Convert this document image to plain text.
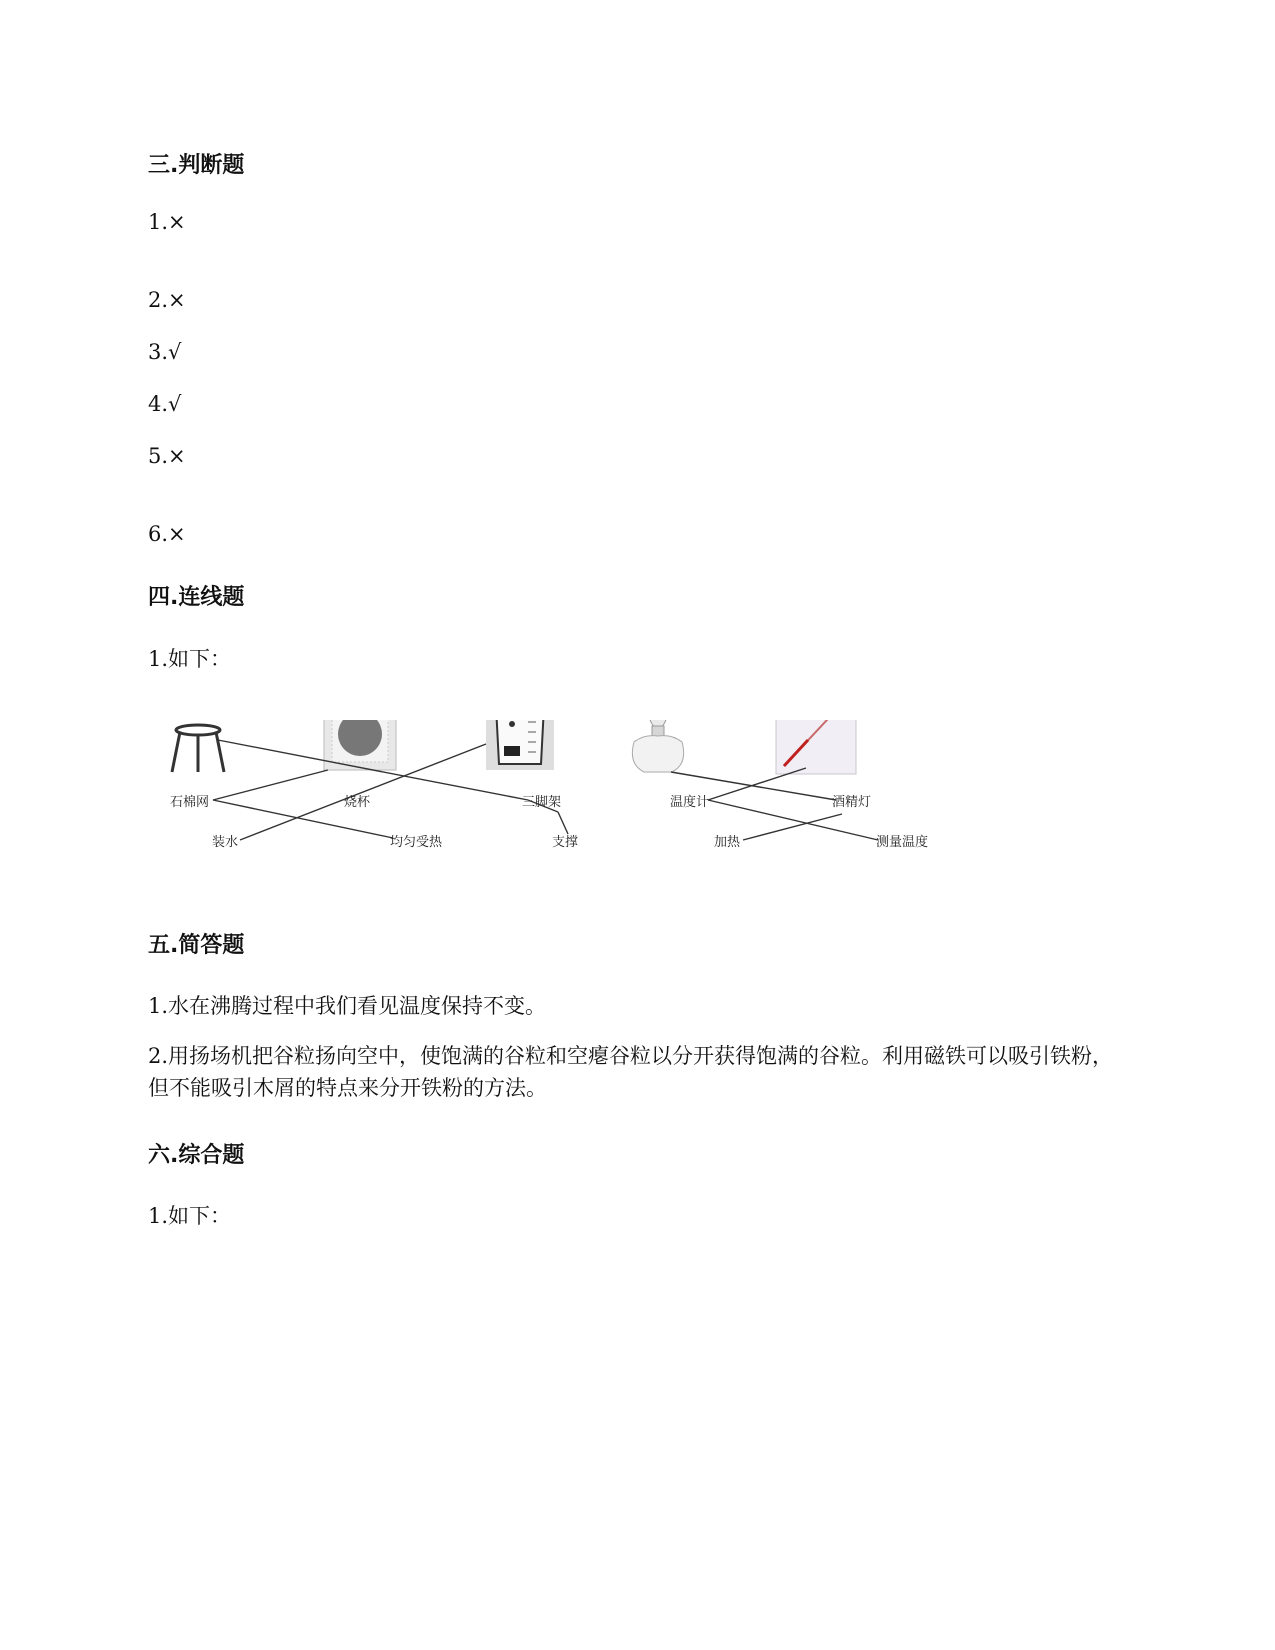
三.判断题
1.×
2.×
3.√
4.√
5.×
6.×
四.连线题
1.如下：
石棉网	烧杯	三脚架	温度计	酒精灯
装水	均匀受热	支撑	加热	测量温度
五.简答题
1.水在沸腾过程中我们看见温度保持不变。
2.用扬场机把谷粒扬向空中，使饱满的谷粒和空瘪谷粒以分开获得饱满的谷粒。利用磁铁可以吸引铁粉，但不能吸引木屑的特点来分开铁粉的方法。
六.综合题
1.如下：
